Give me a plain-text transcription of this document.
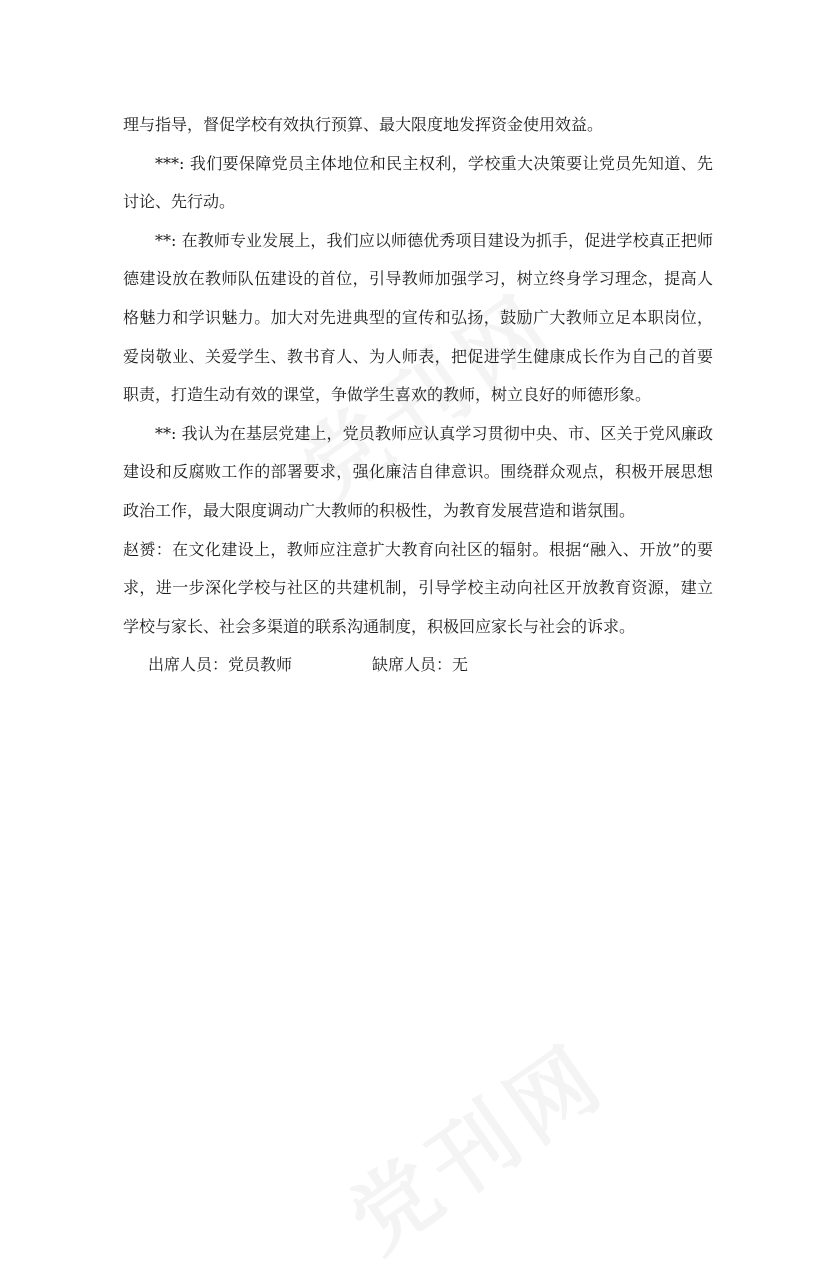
理与指导，督促学校有效执行预算、最大限度地发挥资金使用效益。

***: 我们要保障党员主体地位和民主权利，学校重大决策要让党员先知道、先讨论、先行动。

**: 在教师专业发展上，我们应以师德优秀项目建设为抓手，促进学校真正把师德建设放在教师队伍建设的首位，引导教师加强学习，树立终身学习理念，提高人格魅力和学识魅力。加大对先进典型的宣传和弘扬，鼓励广大教师立足本职岗位，爱岗敬业、关爱学生、教书育人、为人师表，把促进学生健康成长作为自己的首要职责，打造生动有效的课堂，争做学生喜欢的教师，树立良好的师德形象。

**: 我认为在基层党建上，党员教师应认真学习贯彻中央、市、区关于党风廉政建设和反腐败工作的部署要求，强化廉洁自律意识。围绕群众观点，积极开展思想政治工作，最大限度调动广大教师的积极性，为教育发展营造和谐氛围。

赵赟：在文化建设上，教师应注意扩大教育向社区的辐射。根据“融入、开放”的要求，进一步深化学校与社区的共建机制，引导学校主动向社区开放教育资源，建立学校与家长、社会多渠道的联系沟通制度，积极回应家长与社会的诉求。

出席人员：党员教师	缺席人员：无
